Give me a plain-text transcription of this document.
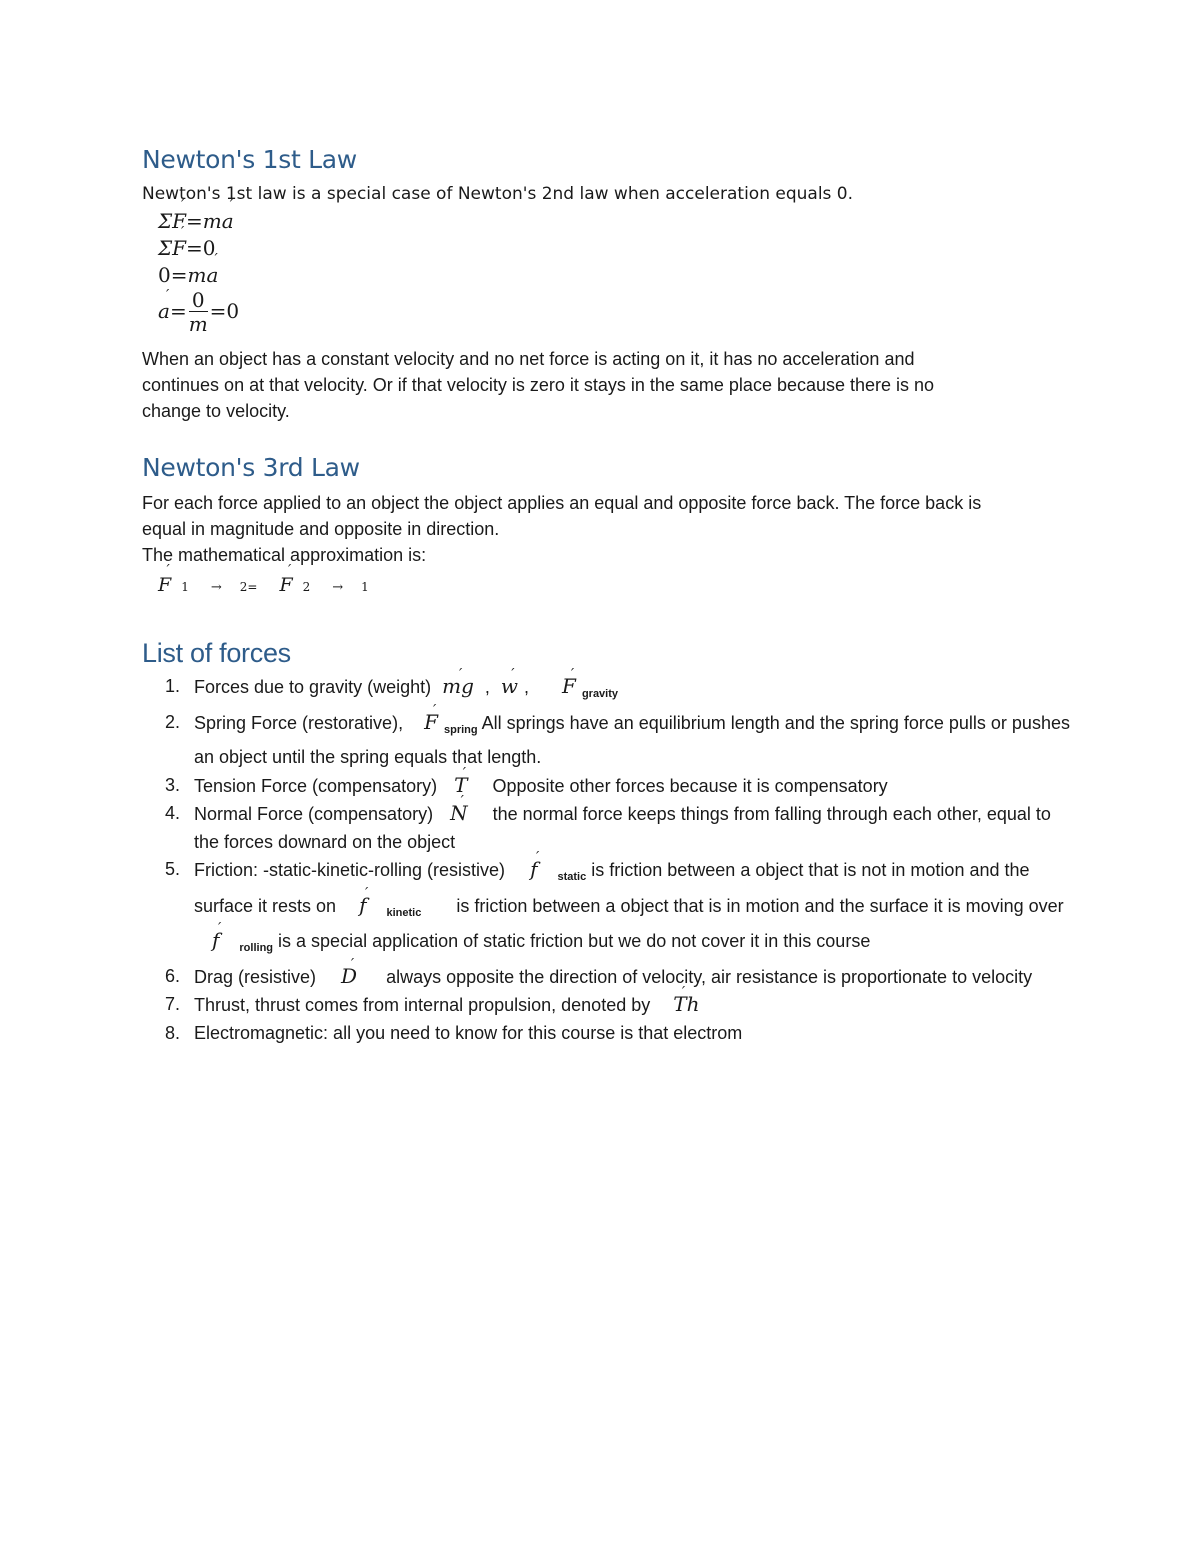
Newton's 1st Law

Newton's 1st law is a special case of Newton's 2nd law when acceleration equals 0.

Σ´ F=m´ a
Σ´ F=0
0=m´ a
´ $a= \frac{0}{m} =0$

When an object has a constant velocity and no net force is acting on it, it has no acceleration and

continues on at that velocity. Or if that velocity is zero it stays in the same place because there is no

change to velocity.

Newton's 3rd Law

For each force applied to an object the object applies an equal and opposite force back. The force back is

equal in magnitude and opposite in direction.

The mathematical approximation is:

´ F 1 → 2= ´ F 2 → 1
List of forces
1. Forces due to gravity (weight) ´ mg , ´ w , ´ F $_{gravity}$
2. Spring Force (restorative), ´ F $_{spring}$ All springs have an equilibrium length and the spring force pulls or pushes an object until the spring equals that length.
3. Tension Force (compensatory) ´ T Opposite other forces because it is compensatory
4. Normal Force (compensatory) ´ N the normal force keeps things from falling through each other, equal to the forces downard on the object
5. Friction: -static-kinetic-rolling (resistive) ´ f $_{static}$ is friction between a object that is not in motion and the surface it rests on ´ f $_{kinetic}$ is friction between a object that is in motion and the surface it is moving over ´ f $_{rolling}$ is a special application of static friction but we do not cover it in this course
6. Drag (resistive) ´ D always opposite the direction of velocity, air resistance is proportionate to velocity
7. Thrust, thrust comes from internal propulsion, denoted by ´ Th
8. Electromagnetic: all you need to know for this course is that electrom
